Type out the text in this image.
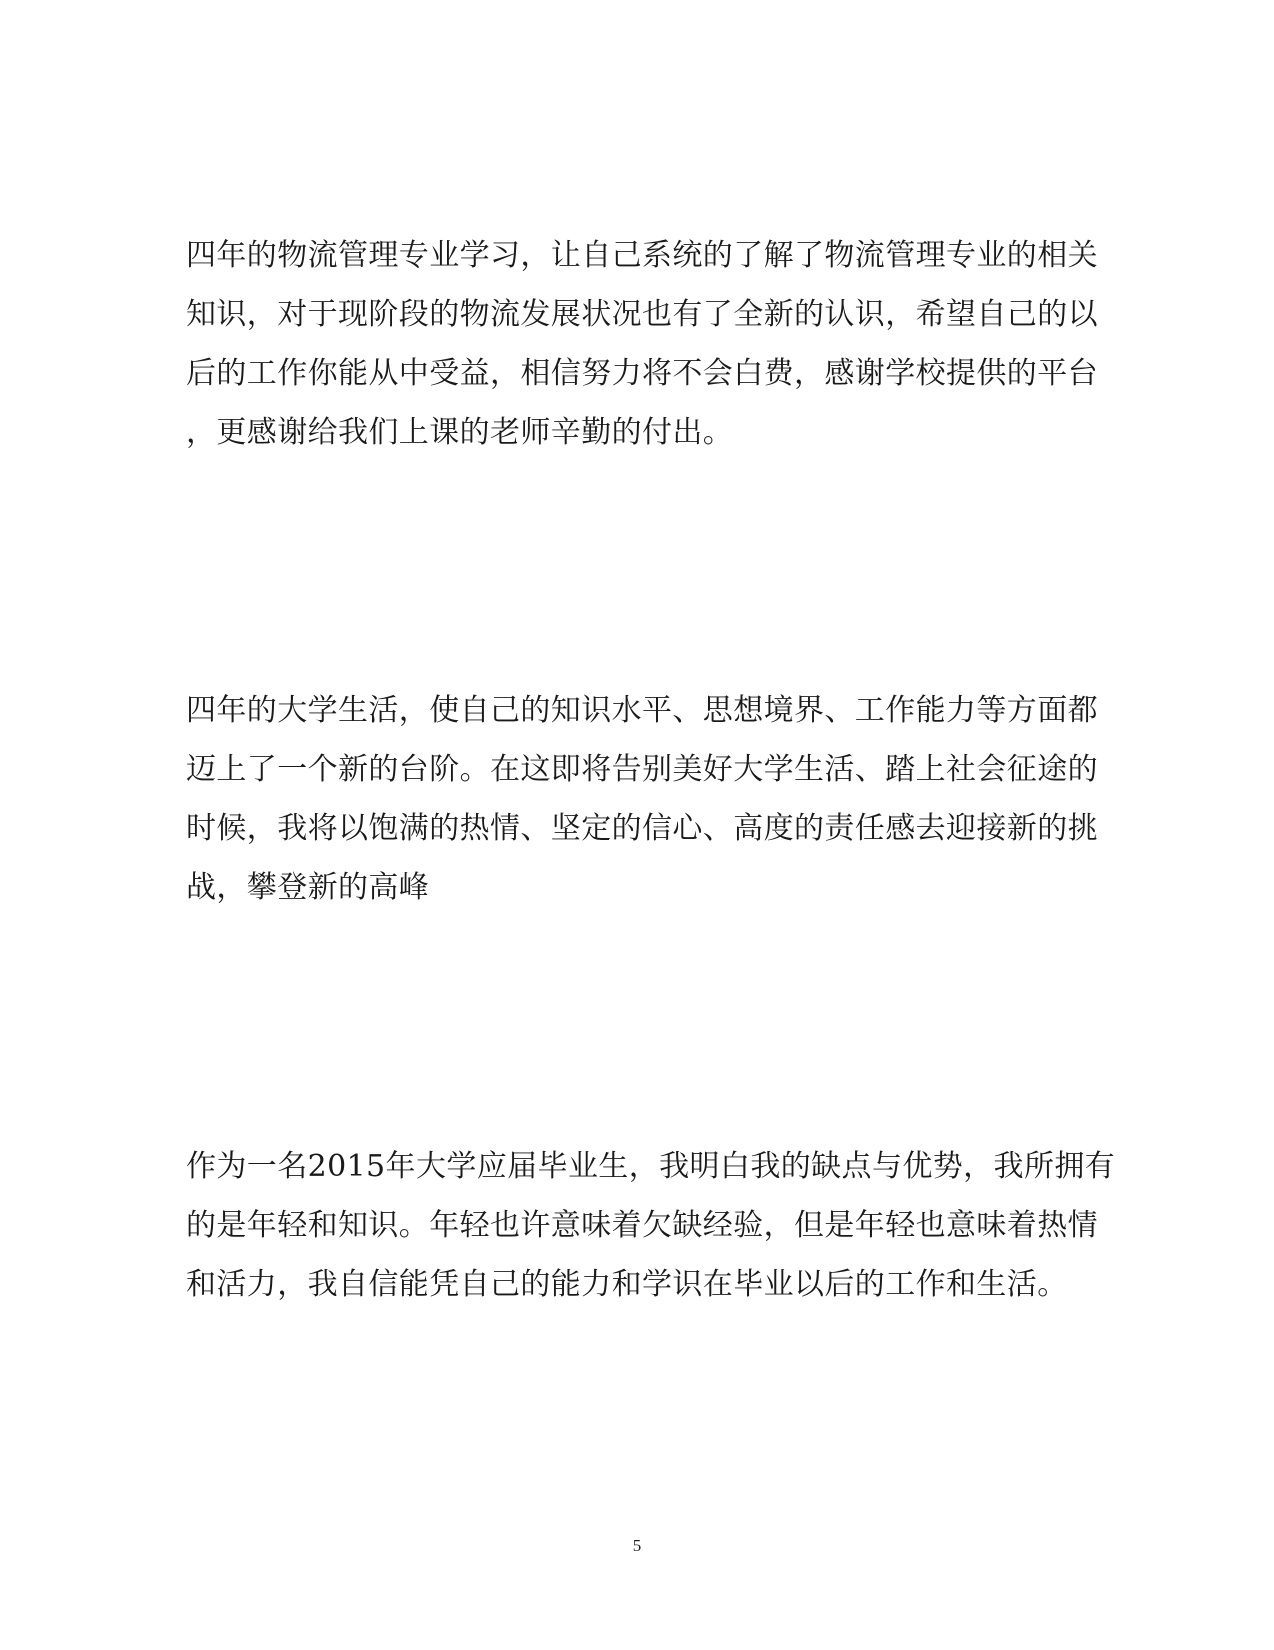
四年的物流管理专业学习，让自己系统的了解了物流管理专业的相关
知识，对于现阶段的物流发展状况也有了全新的认识，希望自己的以
后的工作你能从中受益，相信努力将不会白费，感谢学校提供的平台
，更感谢给我们上课的老师辛勤的付出。
四年的大学生活，使自己的知识水平、思想境界、工作能力等方面都
迈上了一个新的台阶。在这即将告别美好大学生活、踏上社会征途的
时候，我将以饱满的热情、坚定的信心、高度的责任感去迎接新的挑
战，攀登新的高峰
作为一名2015年大学应届毕业生，我明白我的缺点与优势，我所拥有
的是年轻和知识。年轻也许意味着欠缺经验，但是年轻也意味着热情
和活力，我自信能凭自己的能力和学识在毕业以后的工作和生活。
5
